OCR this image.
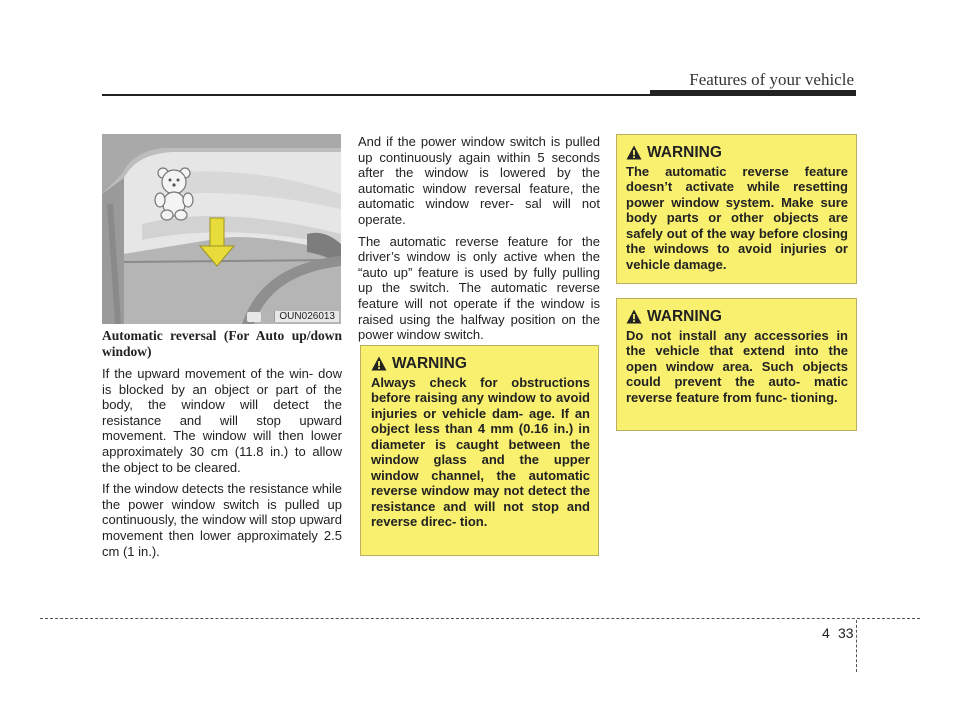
Features of your vehicle
OUN026013
Automatic reversal (For Auto up/down window)

If the upward movement of the win- dow is blocked by an object or part of the body, the window will detect the resistance and will stop upward movement. The window will then lower approximately 30 cm (11.8 in.) to allow the object to be cleared.

If the window detects the resistance while the power window switch is pulled up continuously, the window will stop upward movement then lower approximately 2.5 cm (1 in.).

And if the power window switch is pulled up continuously again within 5 seconds after the window is lowered by the automatic window reversal feature, the automatic window rever- sal will not operate.

The automatic reverse feature for the driver’s window is only active when the “auto up” feature is used by fully pulling up the switch. The automatic reverse feature will not operate if the window is raised using the halfway position on the power window switch.

WARNING
Always check for obstructions before raising any window to avoid injuries or vehicle dam- age. If an object less than 4 mm (0.16 in.) in diameter is caught between the window glass and the upper window channel, the automatic reverse window may not detect the resistance and will not stop and reverse direc- tion.
WARNING
The automatic reverse feature doesn’t activate while resetting power window system. Make sure body parts or other objects are safely out of the way before closing the windows to avoid injuries or vehicle damage.
WARNING
Do not install any accessories in the vehicle that extend into the open window area. Such objects could prevent the auto- matic reverse feature from func- tioning.
4 33
